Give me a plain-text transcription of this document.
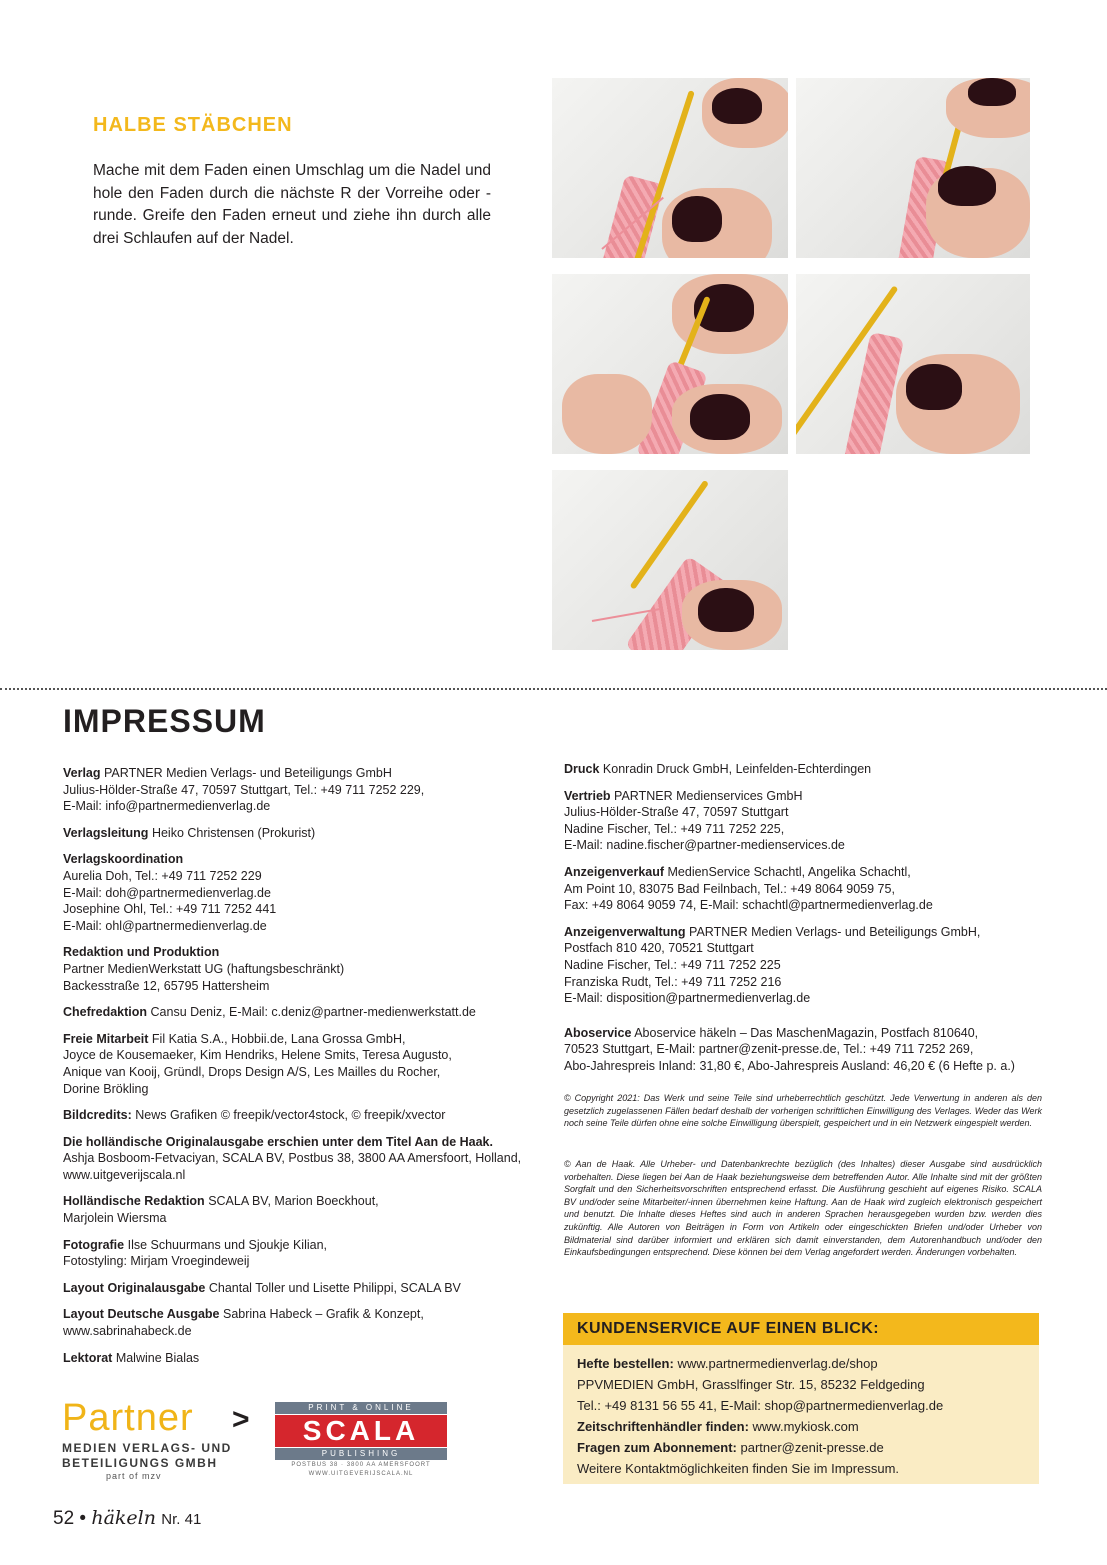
HALBE STÄBCHEN
Mache mit dem Faden einen Umschlag um die Nadel und hole den Faden durch die nächste R der Vorreihe oder -runde. Greife den Faden erneut und ziehe ihn durch alle drei Schlaufen auf der Nadel.
IMPRESSUM
Verlag PARTNER Medien Verlags- und Beteiligungs GmbH
Julius-Hölder-Straße 47, 70597 Stuttgart, Tel.: +49 711 7252 229,
E-Mail: info@partnermedienverlag.de
Verlagsleitung Heiko Christensen (Prokurist)
Verlagskoordination
Aurelia Doh, Tel.: +49 711 7252 229
E-Mail: doh@partnermedienverlag.de
Josephine Ohl, Tel.: +49 711 7252 441
E-Mail: ohl@partnermedienverlag.de
Redaktion und Produktion
Partner MedienWerkstatt UG (haftungsbeschränkt)
Backesstraße 12, 65795 Hattersheim
Chefredaktion Cansu Deniz, E-Mail: c.deniz@partner-medienwerkstatt.de
Freie Mitarbeit Fil Katia S.A., Hobbii.de, Lana Grossa GmbH,
Joyce de Kousemaeker, Kim Hendriks, Helene Smits, Teresa Augusto,
Anique van Kooij, Gründl, Drops Design A/S, Les Mailles du Rocher,
Dorine Brökling
Bildcredits: News Grafiken © freepik/vector4stock, © freepik/xvector
Die holländische Originalausgabe erschien unter dem Titel Aan de Haak.
Ashja Bosboom-Fetvaciyan, SCALA BV, Postbus 38, 3800 AA Amersfoort, Holland,
www.uitgeverijscala.nl
Holländische Redaktion SCALA BV, Marion Boeckhout,
Marjolein Wiersma
Fotografie Ilse Schuurmans und Sjoukje Kilian,
Fotostyling: Mirjam Vroegindeweij
Layout Originalausgabe Chantal Toller und Lisette Philippi, SCALA BV
Layout Deutsche Ausgabe Sabrina Habeck – Grafik & Konzept,
www.sabrinahabeck.de
Lektorat Malwine Bialas
Druck Konradin Druck GmbH, Leinfelden-Echterdingen
Vertrieb PARTNER Medienservices GmbH
Julius-Hölder-Straße 47, 70597 Stuttgart
Nadine Fischer, Tel.: +49 711 7252 225,
E-Mail: nadine.fischer@partner-medienservices.de
Anzeigenverkauf MedienService Schachtl, Angelika Schachtl,
Am Point 10, 83075 Bad Feilnbach, Tel.: +49 8064 9059 75,
Fax: +49 8064 9059 74, E-Mail: schachtl@partnermedienverlag.de
Anzeigenverwaltung PARTNER Medien Verlags- und Beteiligungs GmbH,
Postfach 810 420, 70521 Stuttgart
Nadine Fischer, Tel.: +49 711 7252 225
Franziska Rudt, Tel.: +49 711 7252 216
E-Mail: disposition@partnermedienverlag.de
Aboservice Aboservice häkeln – Das MaschenMagazin, Postfach 810640,
70523 Stuttgart, E-Mail: partner@zenit-presse.de, Tel.: +49 711 7252 269,
Abo-Jahrespreis Inland: 31,80 €, Abo-Jahrespreis Ausland: 46,20 € (6 Hefte p. a.)
© Copyright 2021: Das Werk und seine Teile sind urheberrechtlich geschützt. Jede Verwertung in anderen als den gesetzlich zugelassenen Fällen bedarf deshalb der vorherigen schriftlichen Einwilligung des Verlages. Weder das Werk noch seine Teile dürfen ohne eine solche Einwilligung überspielt, gespeichert und in ein Netzwerk eingespielt werden.
© Aan de Haak. Alle Urheber- und Datenbankrechte bezüglich (des Inhaltes) dieser Ausgabe sind ausdrücklich vorbehalten. Diese liegen bei Aan de Haak beziehungsweise dem betreffenden Autor. Alle Inhalte sind mit der größten Sorgfalt und den Sicherheitsvorschriften entsprechend erfasst. Die Ausführung geschieht auf eigenes Risiko. SCALA BV und/oder seine Mitarbeiter/-innen übernehmen keine Haftung. Aan de Haak wird zugleich elektronisch gespeichert und benutzt. Die Inhalte dieses Heftes sind auch in anderen Sprachen herausgegeben wurden bzw. werden dies zukünftig. Alle Autoren von Beiträgen in Form von Artikeln oder eingeschickten Briefen und/oder Urheber von Bildmaterial sind darüber informiert und erklären sich damit einverstanden, dem Autorenhandbuch und/oder den Einkaufsbedingungen entsprechend. Diese können bei dem Verlag angefordert werden. Änderungen vorbehalten.
KUNDENSERVICE AUF EINEN BLICK:
Hefte bestellen: www.partnermedienverlag.de/shop
PPVMEDIEN GmbH, Grasslfinger Str. 15, 85232 Feldgeding
Tel.: +49 8131 56 55 41, E-Mail: shop@partnermedienverlag.de
Zeitschriftenhändler finden: www.mykiosk.com
Fragen zum Abonnement: partner@zenit-presse.de
Weitere Kontaktmöglichkeiten finden Sie im Impressum.
Partner >
MEDIEN VERLAGS- UND
BETEILIGUNGS GMBH
part of mzv
PRINT & ONLINE
SCALA
PUBLISHING
POSTBUS 38 · 3800 AA AMERSFOORT
WWW.UITGEVERIJSCALA.NL
52 • häkeln Nr. 41
